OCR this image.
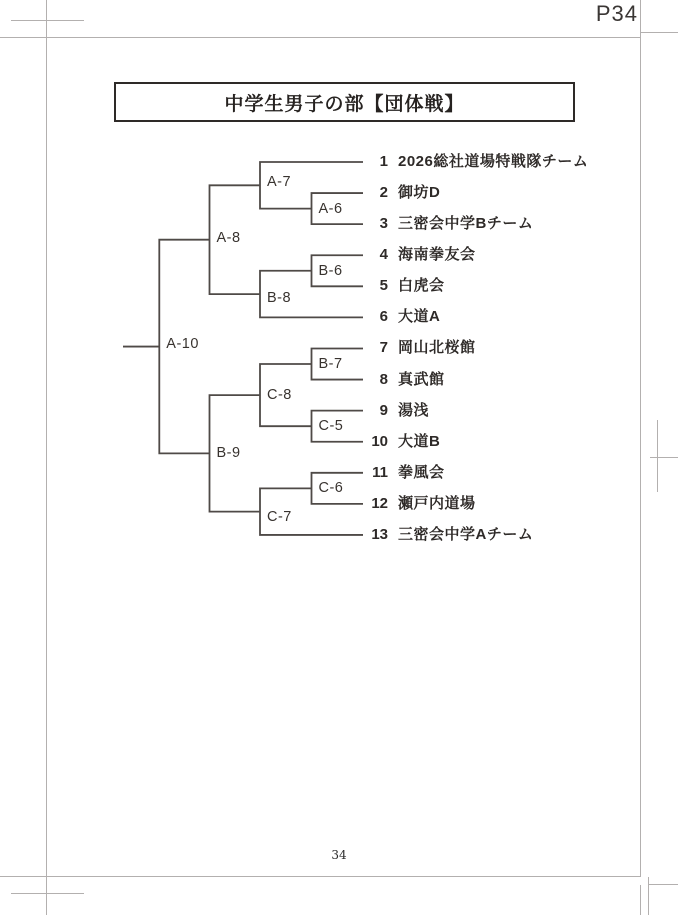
P34
中学生男子の部【団体戦】
1 2026総社道場特戦隊チーム
2 御坊D
3 三密会中学Bチーム
4 海南拳友会
5 白虎会
6 大道A
7 岡山北桜館
8 真武館
9 湯浅
10 大道B
11 拳風会
12 瀬戸内道場
13 三密会中学Aチーム
A-6
B-6
B-7
C-5
C-6
A-7
B-8
C-8
C-7
A-8
B-9
A-10
34
